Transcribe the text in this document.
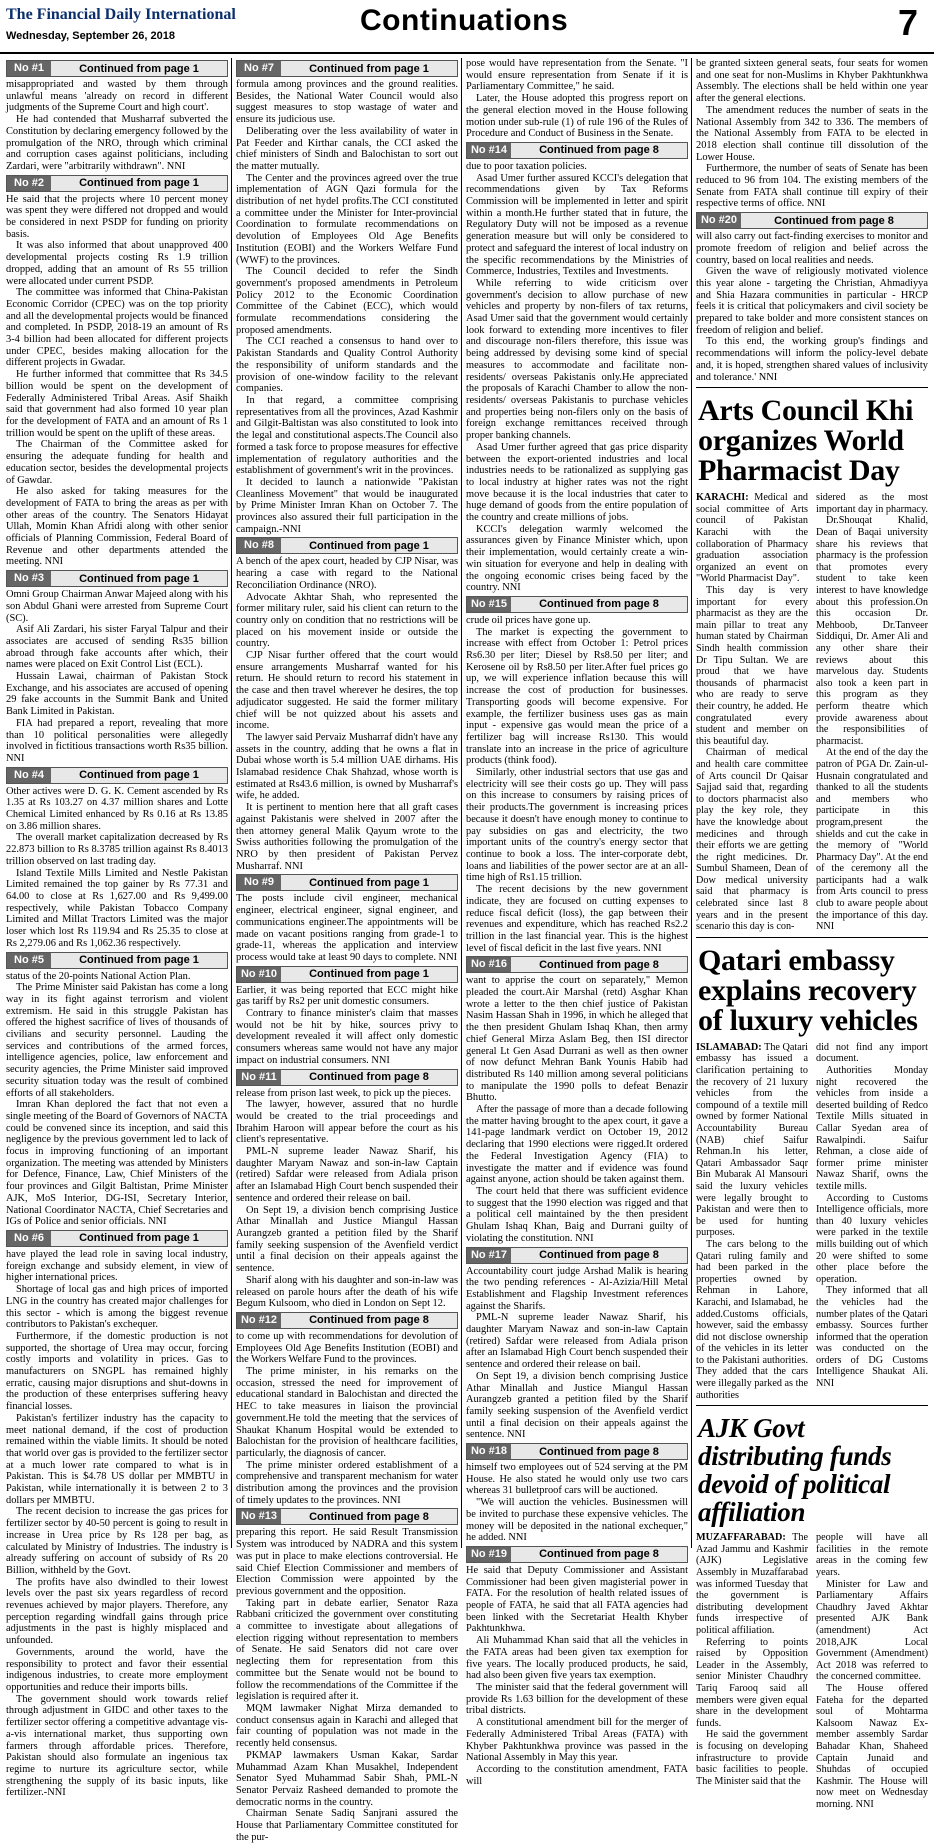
The Financial Daily International
Wednesday, September 26, 2018	Continuations	7
No #1	Continued from page 1

misappropriated and wasted by them through unlawful means 'already on record in different judgments of the Supreme Court and high court'.

He had contended that Musharraf subverted the Constitution by declaring emergency followed by the promulgation of the NRO, through which criminal and corruption cases against politicians, including Zardari, were "arbitrarily withdrawn". NNI

No #2	Continued from page 1

He said that the projects where 10 percent money was spent they were differed not dropped and would be considered in next PSDP for funding on priority basis.

It was also informed that about unapproved 400 developmental projects costing Rs 1.9 trillion dropped, adding that an amount of Rs 55 trillion were allocated under current PSDP.

The committee was informed that China-Pakistan Economic Corridor (CPEC) was on the top priority and all the developmental projects would be financed and completed. In PSDP, 2018-19 an amount of Rs 3-4 billion had been allocated for different projects under CPEC, besides making allocation for the different projects in Gwadar.

He further informed that committee that Rs 34.5 billion would be spent on the development of Federally Administered Tribal Areas. Asif Shaikh said that government had also formed 10 year plan for the development of FATA and an amount of Rs 1 trillion would be spent on the uplift of these areas.

The Chairman of the Committee asked for ensuring the adequate funding for health and education sector, besides the developmental projects of Gawdar.

He also asked for taking measures for the development of FATA to bring the areas as per with other areas of the country. The Senators Hidayat Ullah, Momin Khan Afridi along with other senior officials of Planning Commission, Federal Board of Revenue and other departments attended the meeting. NNI

No #3	Continued from page 1

Omni Group Chairman Anwar Majeed along with his son Abdul Ghani were arrested from Supreme Court (SC).

Asif Ali Zardari, his sister Faryal Talpur and their associates are accused of sending Rs35 billion abroad through fake accounts after which, their names were placed on Exit Control List (ECL).

Hussain Lawai, chairman of Pakistan Stock Exchange, and his associates are accused of opening 29 fake accounts in the Summit Bank and United Bank Limited in Pakistan.

FIA had prepared a report, revealing that more than 10 political personalities were allegedly involved in fictitious transactions worth Rs35 billion. NNI

No #4	Continued from page 1

Other actives were D. G. K. Cement ascended by Rs 1.35 at Rs 103.27 on 4.37 million shares and Lotte Chemical Limited enhanced by Rs 0.16 at Rs 13.85 on 3.86 million shares.

The overall market capitalization decreased by Rs 22.873 billion to Rs 8.3785 trillion against Rs 8.4013 trillion observed on last trading day.

Island Textile Mills Limited and Nestle Pakistan Limited remained the top gainer by Rs 77.31 and 64.00 to close at Rs 1,627.00 and Rs 9,499.00 respectively, while Pakistan Tobacco Company Limited and Millat Tractors Limited was the major loser which lost Rs 119.94 and Rs 25.35 to close at Rs 2,279.06 and Rs 1,062.36 respectively.

No #5	Continued from page 1

status of the 20-points National Action Plan.

The Prime Minister said Pakistan has come a long way in its fight against terrorism and violent extremism. He said in this struggle Pakistan has offered the highest sacrifice of lives of thousands of civilians and security personnel. Lauding the services and contributions of the armed forces, intelligence agencies, police, law enforcement and security agencies, the Prime Minister said improved security situation today was the result of combined efforts of all stakeholders.

Imran Khan deplored the fact that not even a single meeting of the Board of Governors of NACTA could be convened since its inception, and said this negligence by the previous government led to lack of focus in improving functioning of an important organization. The meeting was attended by Ministers for Defence, Finance, Law, Chief Ministers of the four provinces and Gilgit Baltistan, Prime Minister AJK, MoS Interior, DG-ISI, Secretary Interior, National Coordinator NACTA, Chief Secretaries and IGs of Police and senior officials. NNI

No #6	Continued from page 1

have played the lead role in saving local industry, foreign exchange and subsidy element, in view of higher international prices.

Shortage of local gas and high prices of imported LNG in the country has created major challenges for this sector - which is among the biggest revenue contributors to Pakistan's exchequer.

Furthermore, if the domestic production is not supported, the shortage of Urea may occur, forcing costly imports and volatility in prices. Gas to manufacturers on SNGPL has remained highly erratic, causing major disruptions and shut-downs in the production of these enterprises suffering heavy financial losses.

Pakistan's fertilizer industry has the capacity to meet national demand, if the cost of production remained within the viable limits. It should be noted that world over gas is provided to the fertilizer sector at a much lower rate compared to what is in Pakistan. This is $4.78 US dollar per MMBTU in Pakistan, while internationally it is between 2 to 3 dollars per MMBTU.

The recent decision to increase the gas prices for fertilizer sector by 40-50 percent is going to result in increase in Urea price by Rs 128 per bag, as calculated by Ministry of Industries. The industry is already suffering on account of subsidy of Rs 20 Billion, withheld by the Govt.

The profits have also dwindled to their lowest levels over the past six years regardless of record revenues achieved by major players. Therefore, any perception regarding windfall gains through price adjustments in the past is highly misplaced and unfounded.

Governments, around the world, have the responsibility to protect and favor their essential indigenous industries, to create more employment opportunities and reduce their imports bills.

The government should work towards relief through adjustment in GIDC and other taxes to the fertilizer sector offering a competitive advantage vis-a-vis international market, thus supporting own farmers through affordable prices. Therefore, Pakistan should also formulate an ingenious tax regime to nurture its agriculture sector, while strengthening the supply of its basic inputs, like fertilizer.-NNI

No #7	Continued from page 1

formula among provinces and the ground realities. Besides, the National Water Council would also suggest measures to stop wastage of water and ensure its judicious use.

Deliberating over the less availability of water in Pat Feeder and Kirthar canals, the CCI asked the chief ministers of Sindh and Balochistan to sort out the matter mutually.

The Center and the provinces agreed over the true implementation of AGN Qazi formula for the distribution of net hydel profits.The CCI constituted a committee under the Minister for Inter-provincial Coordination to formulate recommendations on devolution of Employees Old Age Benefits Institution (EOBI) and the Workers Welfare Fund (WWF) to the provinces.

The Council decided to refer the Sindh government's proposed amendments in Petroleum Policy 2012 to the Economic Coordination Committee of the Cabinet (ECC), which would formulate recommendations considering the proposed amendments.

The CCI reached a consensus to hand over to Pakistan Standards and Quality Control Authority the responsibility of uniform standards and the provision of one-window facility to the relevant companies.

In that regard, a committee comprising representatives from all the provinces, Azad Kashmir and Gilgit-Baltistan was also constituted to look into the legal and constitutional aspects.The Council also formed a task force to propose measures for effective implementation of regulatory authorities and the establishment of government's writ in the provinces.

It decided to launch a nationwide "Pakistan Cleanliness Movement" that would be inaugurated by Prime Minister Imran Khan on October 7. The provinces also assured their full participation in the campaign.-NNI

No #8	Continued from page 1

A bench of the apex court, headed by CJP Nisar, was hearing a case with regard to the National Reconciliation Ordinance (NRO).

Advocate Akhtar Shah, who represented the former military ruler, said his client can return to the country only on condition that no restrictions will be placed on his movement inside or outside the country.

CJP Nisar further offered that the court would ensure arrangements Musharraf wanted for his return. He should return to record his statement in the case and then travel wherever he desires, the top adjudicator suggested. He said the former military chief will be not quizzed about his assets and income.

The lawyer said Pervaiz Musharraf didn't have any assets in the country, adding that he owns a flat in Dubai whose worth is 5.4 million UAE dirhams. His Islamabad residence Chak Shahzad, whose worth is estimated at Rs43.6 million, is owned by Musharraf's wife, he added.

It is pertinent to mention here that all graft cases against Pakistanis were shelved in 2007 after the then attorney general Malik Qayum wrote to the Swiss authorities following the promulgation of the NRO by then president of Pakistan Pervez Musharraf. NNI

No #9	Continued from page 1

The posts include civil engineer, mechanical engineer, electrical engineer, signal engineer, and communications engineer.The appointments will be made on vacant positions ranging from grade-1 to grade-11, whereas the application and interview process would take at least 90 days to complete. NNI

No #10	Continued from page 1

Earlier, it was being reported that ECC might hike gas tariff by Rs2 per unit domestic consumers.

Contrary to finance minister's claim that masses would not be hit by hike, sources privy to development revealed it will affect only domestic consumers whereas same would not have any major impact on industrial consumers. NNI

No #11	Continued from page 8

release from prison last week, to pick up the pieces.

The lawyer, however, assured that no hurdle would be created to the trial proceedings and Ibrahim Haroon will appear before the court as his client's representative.

PML-N supreme leader Nawaz Sharif, his daughter Maryam Nawaz and son-in-law Captain (retired) Safdar were released from Adiala prison after an Islamabad High Court bench suspended their sentence and ordered their release on bail.

On Sept 19, a division bench comprising Justice Athar Minallah and Justice Miangul Hassan Aurangzeb granted a petition filed by the Sharif family seeking suspension of the Avenfield verdict until a final decision on their appeals against the sentence.

Sharif along with his daughter and son-in-law was released on parole hours after the death of his wife Begum Kulsoom, who died in London on Sept 12.

No #12	Continued from page 8

to come up with recommendations for devolution of Employees Old Age Benefits Institution (EOBI) and the Workers Welfare Fund to the provinces.

The prime minister, in his remarks on the occasion, stressed the need for improvement of educational standard in Balochistan and directed the HEC to take measures in liaison the provincial government.He told the meeting that the services of Shaukat Khanum Hospital would be extended to Balochistan for the provision of healthcare facilities, particularly, the diagnosis of cancer.

The prime minister ordered establishment of a comprehensive and transparent mechanism for water distribution among the provinces and the provision of timely updates to the provinces. NNI

No #13	Continued from page 8

preparing this report. He said Result Transmission System was introduced by NADRA and this system was put in place to make elections controversial. He said Chief Election Commissioner and members of Election Commission were appointed by the previous government and the opposition.

Taking part in debate earlier, Senator Raza Rabbani criticized the government over constituting a committee to investigate about allegations of election rigging without representation to members of Senate. He said Senators did not care over neglecting them for representation from this committee but the Senate would not be bound to follow the recommendations of the Committee if the legislation is required after it.

MQM lawmaker Nighat Mirza demanded to conduct consensus again in Karachi and alleged that fair counting of population was not made in the recently held consensus.

PKMAP lawmakers Usman Kakar, Sardar Muhammad Azam Khan Musakhel, Independent Senator Syed Muhammad Sabir Shah, PML-N Senator Pervaiz Rasheed demanded to promote the democratic norms in the country.

Chairman Senate Sadiq Sanjrani assured the House that Parliamentary Committee constituted for the pur-

pose would have representation from the Senate. "I would ensure representation from Senate if it is Parliamentary Committee," he said.

Later, the House adopted this progress report on the general election moved in the House following motion under sub-rule (1) of rule 196 of the Rules of Procedure and Conduct of Business in the Senate.

No #14	Continued from page 8

due to poor taxation policies.

Asad Umer further assured KCCI's delegation that recommendations given by Tax Reforms Commission will be implemented in letter and spirit within a month.He further stated that in future, the Regulatory Duty will not be imposed as a revenue generation measure but will only be considered to protect and safeguard the interest of local industry on the specific recommendations by the Ministries of Commerce, Industries, Textiles and Investments.

While referring to wide criticism over government's decision to allow purchase of new vehicles and property by non-filers of tax returns, Asad Umer said that the government would certainly look forward to extending more incentives to filer and discourage non-filers therefore, this issue was being addressed by devising some kind of special measures to accommodate and facilitate non-residents/ overseas Pakistanis only.He appreciated the proposals of Karachi Chamber to allow the non-residents/ overseas Pakistanis to purchase vehicles and properties being non-filers only on the basis of foreign exchange remittances received through proper banking channels.

Asad Umer further agreed that gas price disparity between the export-oriented industries and local industries needs to be rationalized as supplying gas to local industry at higher rates was not the right move because it is the local industries that cater to huge demand of goods from the entire population of the country and create millions of jobs.

KCCI's delegation warmly welcomed the assurances given by Finance Minister which, upon their implementation, would certainly create a win-win situation for everyone and help in dealing with the ongoing economic crises being faced by the country. NNI

No #15	Continued from page 8

crude oil prices have gone up.

The market is expecting the government to increase with effect from October 1: Petrol prices Rs6.30 per liter; Diesel by Rs8.50 per liter; and Kerosene oil by Rs8.50 per liter.After fuel prices go up, we will experience inflation because this will increase the cost of production for businesses. Transporting goods will become expensive. For example, the fertilizer business uses gas as main input - expensive gas would mean the price of a fertilizer bag will increase Rs130. This would translate into an increase in the price of agriculture products (think food).

Similarly, other industrial sectors that use gas and electricity will see their costs go up. They will pass on this increase to consumers by raising prices of their products.The government is increasing prices because it doesn't have enough money to continue to pay subsidies on gas and electricity, the two important units of the country's energy sector that continue to book a loss. The inter-corporate debt, loans and liabilities of the power sector are at an all-time high of Rs1.15 trillion.

The recent decisions by the new government indicate, they are focused on cutting expenses to reduce fiscal deficit (loss), the gap between their revenues and expenditure, which has reached Rs2.2 trillion in the last financial year. This is the highest level of fiscal deficit in the last five years. NNI

No #16	Continued from page 8

want to apprise the court on separately," Memon pleaded the court.Air Marshal (retd) Asghar Khan wrote a letter to the then chief justice of Pakistan Nasim Hassan Shah in 1996, in which he alleged that the then president Ghulam Ishaq Khan, then army chief General Mirza Aslam Beg, then ISI director general Lt Gen Asad Durrani as well as then owner of now defunct Mehran Bank Younis Habib had distributed Rs 140 million among several politicians to manipulate the 1990 polls to defeat Benazir Bhutto.

After the passage of more than a decade following the matter having brought to the apex court, it gave a 141-page landmark verdict on October 19, 2012 declaring that 1990 elections were rigged.It ordered the Federal Investigation Agency (FIA) to investigate the matter and if evidence was found against anyone, action should be taken against them.

The court held that there was sufficient evidence to suggest that the 1990 election was rigged and that a political cell maintained by the then president Ghulam Ishaq Khan, Baig and Durrani guilty of violating the constitution. NNI

No #17	Continued from page 8

Accountability court judge Arshad Malik is hearing the two pending references - Al-Azizia/Hill Metal Establishment and Flagship Investment references against the Sharifs.

PML-N supreme leader Nawaz Sharif, his daughter Maryam Nawaz and son-in-law Captain (retired) Safdar were released from Adiala prison after an Islamabad High Court bench suspended their sentence and ordered their release on bail.

On Sept 19, a division bench comprising Justice Athar Minallah and Justice Miangul Hassan Aurangzeb granted a petition filed by the Sharif family seeking suspension of the Avenfield verdict until a final decision on their appeals against the sentence. NNI

No #18	Continued from page 8

himself two employees out of 524 serving at the PM House. He also stated he would only use two cars whereas 31 bulletproof cars will be auctioned.

"We will auction the vehicles. Businessmen will be invited to purchase these expensive vehicles. The money will be deposited in the national exchequer," he added. NNI

No #19	Continued from page 8

He said that Deputy Commissioner and Assistant Commissioner had been given magisterial power in FATA. For the resolution of health related issues of people of FATA, he said that all FATA agencies had been linked with the Secretariat Health Khyber Pakhtunkhwa.

Ali Muhammad Khan said that all the vehicles in the FATA areas had been given tax exemption for five years. The locally produced products, he said, had also been given five years tax exemption.

The minister said that the federal government will provide Rs 1.63 billion for the development of these tribal districts.

A constitutional amendment bill for the merger of Federally Administered Tribal Areas (FATA) with Khyber Pakhtunkhwa province was passed in the National Assembly in May this year.

According to the constitution amendment, FATA will

be granted sixteen general seats, four seats for women and one seat for non-Muslims in Khyber Pakhtunkhwa Assembly. The elections shall be held within one year after the general elections.

The amendment reduces the number of seats in the National Assembly from 342 to 336. The members of the National Assembly from FATA to be elected in 2018 election shall continue till dissolution of the Lower House.

Furthermore, the number of seats of Senate has been reduced to 96 from 104. The existing members of the Senate from FATA shall continue till expiry of their respective terms of office. NNI

No #20	Continued from page 8

will also carry out fact-finding exercises to monitor and promote freedom of religion and belief across the country, based on local realities and needs.

Given the wave of religiously motivated violence this year alone - targeting the Christian, Ahmadiyya and Shia Hazara communities in particular - HRCP feels it is critical that policymakers and civil society be prepared to take bolder and more consistent stances on freedom of religion and belief.

To this end, the working group's findings and recommendations will inform the policy-level debate and, it is hoped, strengthen shared values of inclusivity and tolerance.' NNI

Arts Council Khi organizes World Pharmacist Day

KARACHI: Medical and social committee of Arts council of Pakistan Karachi with the collaboration of Pharmacy graduation association organized an event on "World Pharmacist Day".

This day is very important for every pharmacist as they are the main pillar to treat any human stated by Chairman Sindh health commission Dr Tipu Sultan. We are proud that we have thousands of pharmacist who are ready to serve their country, he added. He congratulated every student and member on this beautiful day.

Chairman of medical and health care committee of Arts council Dr Qaisar Sajjad said that, regarding to doctors pharmacist also play the key role, they have the knowledge about medicines and through their efforts we are getting the right medicines. Dr. Sumbul Shameen, Dean of Dow medical university said that pharmacy is celebrated since last 8 years and in the present scenario this day is con-

sidered as the most important day in pharmacy.

Dr.Shouqat Khalid, Dean of Baqai university share his reviews that pharmacy is the profession that promotes every student to take keen interest to have knowledge about this profession.On this occasion Dr. Mehboob, Dr.Tanveer Siddiqui, Dr. Amer Ali and any other share their reviews about this marvelous day. Students also took a keen part in this program as they perform theatre which provide awareness about the responsibilities of pharmacist.

At the end of the day the patron of PGA Dr. Zain-ul-Husnain congratulated and thanked to all the students and members who participate in this program,present the shields and cut the cake in the memory of "World Pharmacy Day". At the end of the ceremony all the participants had a walk from Arts council to press club to aware people about the importance of this day. NNI

Qatari embassy explains recovery of luxury vehicles

ISLAMABAD: The Qatari embassy has issued a clarification pertaining to the recovery of 21 luxury vehicles from the compound of a textile mill owned by former National Accountability Bureau (NAB) chief Saifur Rehman.In his letter, Qatari Ambassador Saqr Bin Mubarak Al Mansouri said the luxury vehicles were legally brought to Pakistan and were then to be used for hunting purposes.

The cars belong to the Qatari ruling family and had been parked in the properties owned by Rehman in Lahore, Karachi, and Islamabad, he added.Customs officials, however, said the embassy did not disclose ownership of the vehicles in its letter to the Pakistani authorities. They added that the cars were illegally parked as the authorities

did not find any import document.

Authorities Monday night recovered the vehicles from inside a deserted building of Redco Textile Mills situated in Callar Syedan area of Rawalpindi. Saifur Rehman, a close aide of former prime minister Nawaz Sharif, owns the textile mills.

According to Customs Intelligence officials, more than 40 luxury vehicles were parked in the textile mills building out of which 20 were shifted to some other place before the operation.

They informed that all the vehicles had the number plates of the Qatari embassy. Sources further informed that the operation was conducted on the orders of DG Customs Intelligence Shaukat Ali. NNI

AJK Govt distributing funds devoid of political affiliation

MUZAFFARABAD: The Azad Jammu and Kashmir (AJK) Legislative Assembly in Muzaffarabad was informed Tuesday that the government is distributing development funds irrespective of political affiliation.

Referring to points raised by Opposition Leader in the Assembly, senior Minister Chaudhry Tariq Farooq said all members were given equal share in the development funds.

He said the government is focusing on developing infrastructure to provide basic facilities to people. The Minister said that the

people will have all facilities in the remote areas in the coming few years.

Minister for Law and Parliamentary Affairs Chaudhry Javed Akhtar presented AJK Bank (amendment) Act 2018,AJK Local Government (Amendment) Act 2018 was referred to the concerned committee.

The House offered Fateha for the departed soul of Mohtarma Kalsoom Nawaz Ex-member assembly Sardar Bahadar Khan, Shaheed Captain Junaid and Shuhdas of occupied Kashmir. The House will now meet on Wednesday morning. NNI
